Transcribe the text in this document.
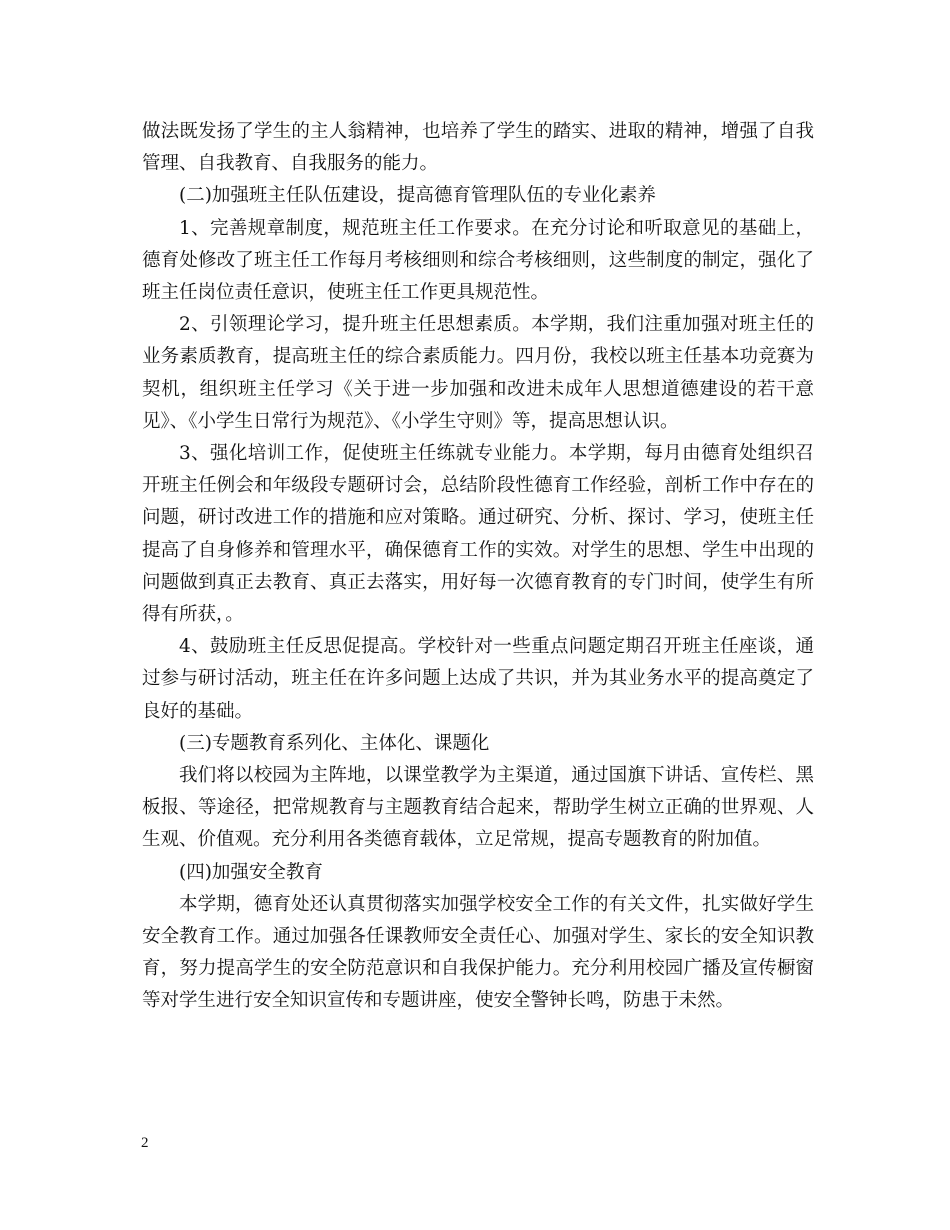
做法既发扬了学生的主人翁精神，也培养了学生的踏实、进取的精神，增强了自我管理、自我教育、自我服务的能力。

(二)加强班主任队伍建设，提高德育管理队伍的专业化素养

1、完善规章制度，规范班主任工作要求。在充分讨论和听取意见的基础上，德育处修改了班主任工作每月考核细则和综合考核细则，这些制度的制定，强化了班主任岗位责任意识，使班主任工作更具规范性。

2、引领理论学习，提升班主任思想素质。本学期，我们注重加强对班主任的业务素质教育，提高班主任的综合素质能力。四月份，我校以班主任基本功竞赛为契机，组织班主任学习《关于进一步加强和改进未成年人思想道德建设的若干意见》、《小学生日常行为规范》、《小学生守则》等，提高思想认识。

3、强化培训工作，促使班主任练就专业能力。本学期，每月由德育处组织召开班主任例会和年级段专题研讨会，总结阶段性德育工作经验，剖析工作中存在的问题，研讨改进工作的措施和应对策略。通过研究、分析、探讨、学习，使班主任提高了自身修养和管理水平，确保德育工作的实效。对学生的思想、学生中出现的问题做到真正去教育、真正去落实，用好每一次德育教育的专门时间，使学生有所得有所获，。

4、鼓励班主任反思促提高。学校针对一些重点问题定期召开班主任座谈，通过参与研讨活动，班主任在许多问题上达成了共识，并为其业务水平的提高奠定了良好的基础。

(三)专题教育系列化、主体化、课题化

我们将以校园为主阵地，以课堂教学为主渠道，通过国旗下讲话、宣传栏、黑板报、等途径，把常规教育与主题教育结合起来，帮助学生树立正确的世界观、人生观、价值观。充分利用各类德育载体，立足常规，提高专题教育的附加值。

(四)加强安全教育

本学期，德育处还认真贯彻落实加强学校安全工作的有关文件，扎实做好学生安全教育工作。通过加强各任课教师安全责任心、加强对学生、家长的安全知识教育，努力提高学生的安全防范意识和自我保护能力。充分利用校园广播及宣传橱窗等对学生进行安全知识宣传和专题讲座，使安全警钟长鸣，防患于未然。

2
